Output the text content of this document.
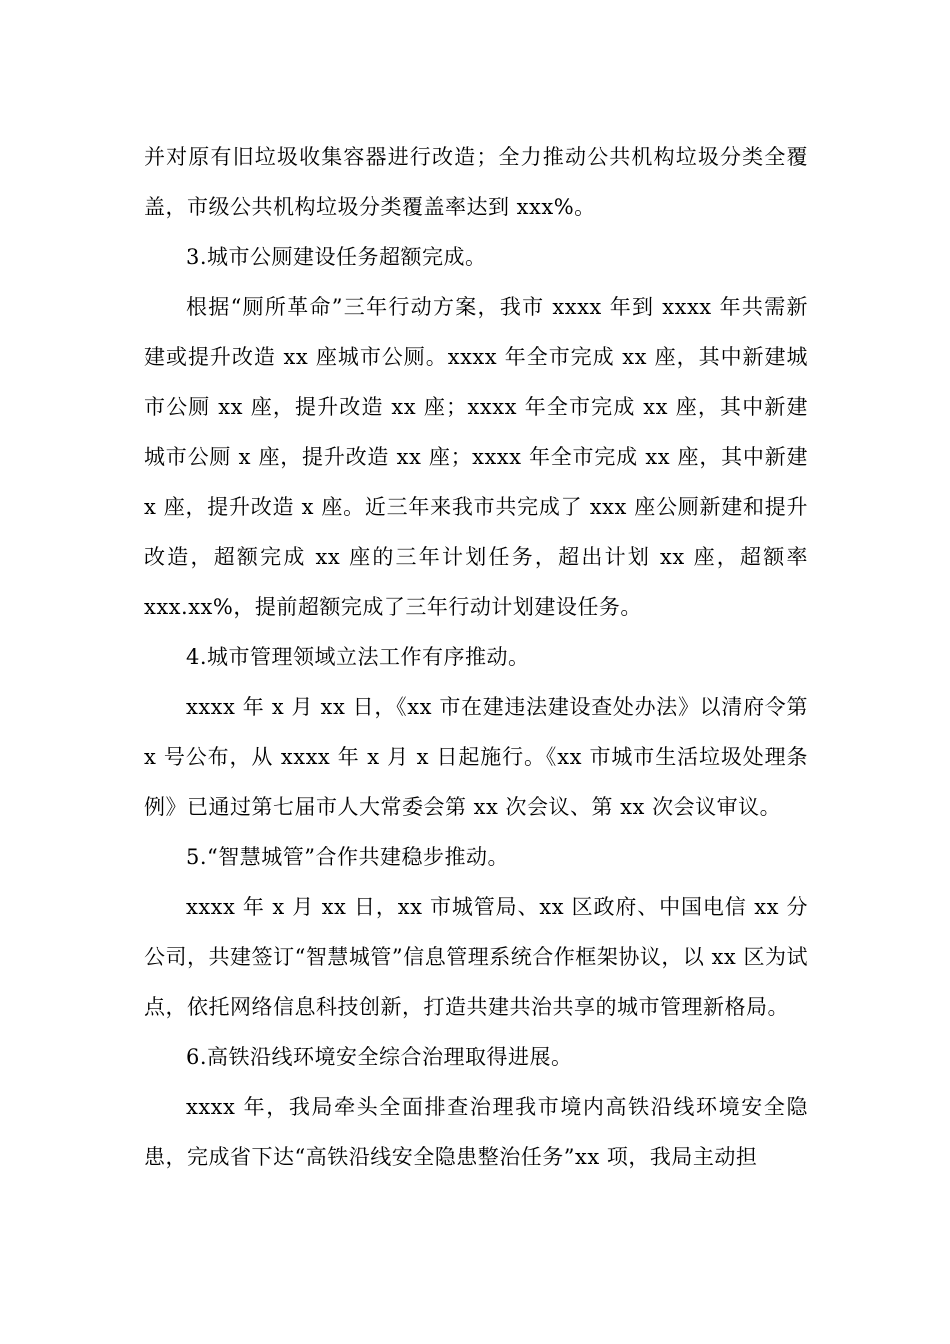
并对原有旧垃圾收集容器进行改造；全力推动公共机构垃圾分类全覆盖，市级公共机构垃圾分类覆盖率达到 xxx%。

3.城市公厕建设任务超额完成。

根据“厕所革命”三年行动方案，我市 xxxx 年到 xxxx 年共需新建或提升改造 xx 座城市公厕。xxxx 年全市完成 xx 座，其中新建城市公厕 xx 座，提升改造 xx 座；xxxx 年全市完成 xx 座，其中新建城市公厕 x 座，提升改造 xx 座；xxxx 年全市完成 xx 座，其中新建 x 座，提升改造 x 座。近三年来我市共完成了 xxx 座公厕新建和提升改造，超额完成 xx 座的三年计划任务，超出计划 xx 座，超额率 xxx.xx%，提前超额完成了三年行动计划建设任务。

4.城市管理领域立法工作有序推动。

xxxx 年 x 月 xx 日，《xx 市在建违法建设查处办法》以清府令第 x 号公布，从 xxxx 年 x 月 x 日起施行。《xx 市城市生活垃圾处理条例》已通过第七届市人大常委会第 xx 次会议、第 xx 次会议审议。

5.“智慧城管”合作共建稳步推动。

xxxx 年 x 月 xx 日，xx 市城管局、xx 区政府、中国电信 xx 分公司，共建签订“智慧城管”信息管理系统合作框架协议，以 xx 区为试点，依托网络信息科技创新，打造共建共治共享的城市管理新格局。

6.高铁沿线环境安全综合治理取得进展。

xxxx 年，我局牵头全面排查治理我市境内高铁沿线环境安全隐患，完成省下达“高铁沿线安全隐患整治任务”xx 项，我局主动担
